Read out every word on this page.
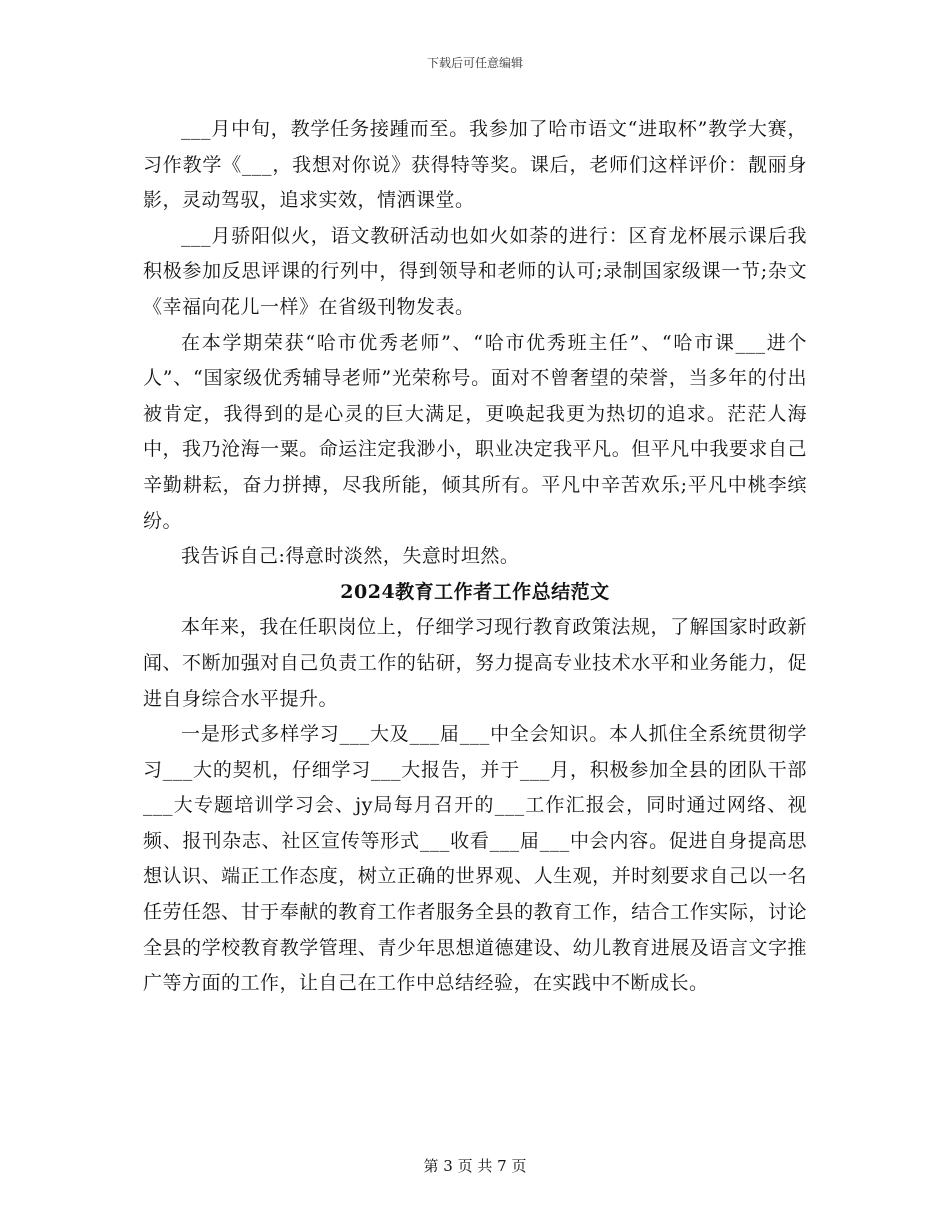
下载后可任意编辑

___月中旬，教学任务接踵而至。我参加了哈市语文“进取杯”教学大赛，习作教学《___，我想对你说》获得特等奖。课后，老师们这样评价：靓丽身影，灵动驾驭，追求实效，情洒课堂。

___月骄阳似火，语文教研活动也如火如荼的进行：区育龙杯展示课后我积极参加反思评课的行列中，得到领导和老师的认可;录制国家级课一节;杂文《幸福向花儿一样》在省级刊物发表。

在本学期荣获“哈市优秀老师”、“哈市优秀班主任”、“哈市课___进个人”、“国家级优秀辅导老师”光荣称号。面对不曾奢望的荣誉，当多年的付出被肯定，我得到的是心灵的巨大满足，更唤起我更为热切的追求。茫茫人海中，我乃沧海一粟。命运注定我渺小，职业决定我平凡。但平凡中我要求自己辛勤耕耘，奋力拼搏，尽我所能，倾其所有。平凡中辛苦欢乐;平凡中桃李缤纷。

我告诉自己:得意时淡然，失意时坦然。

2024教育工作者工作总结范文

本年来，我在任职岗位上，仔细学习现行教育政策法规，了解国家时政新闻、不断加强对自己负责工作的钻研，努力提高专业技术水平和业务能力，促进自身综合水平提升。

一是形式多样学习___大及___届___中全会知识。本人抓住全系统贯彻学习___大的契机，仔细学习___大报告，并于___月，积极参加全县的团队干部___大专题培训学习会、jy局每月召开的___工作汇报会，同时通过网络、视频、报刊杂志、社区宣传等形式___收看___届___中会内容。促进自身提高思想认识、端正工作态度，树立正确的世界观、人生观，并时刻要求自己以一名任劳任怨、甘于奉献的教育工作者服务全县的教育工作，结合工作实际，讨论全县的学校教育教学管理、青少年思想道德建设、幼儿教育进展及语言文字推广等方面的工作，让自己在工作中总结经验，在实践中不断成长。

第 3 页 共 7 页
